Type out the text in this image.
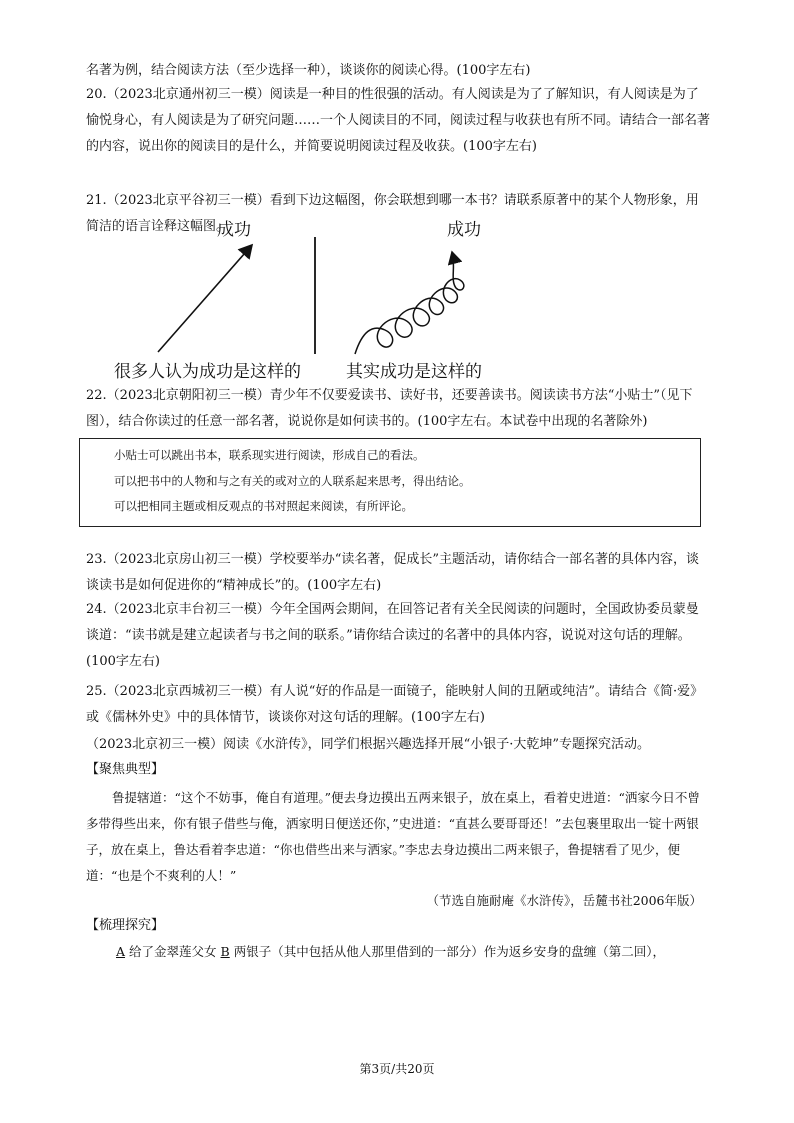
名著为例，结合阅读方法（至少选择一种），谈谈你的阅读心得。(100字左右)
20.（2023北京通州初三一模）阅读是一种目的性很强的活动。有人阅读是为了了解知识，有人阅读是为了愉悦身心，有人阅读是为了研究问题……一个人阅读目的不同，阅读过程与收获也有所不同。请结合一部名著的内容，说出你的阅读目的是什么，并简要说明阅读过程及收获。(100字左右)
21.（2023北京平谷初三一模）看到下边这幅图，你会联想到哪一本书？请联系原著中的某个人物形象，用简洁的语言诠释这幅图。
成功	成功
很多人认为成功是这样的	其实成功是这样的
22.（2023北京朝阳初三一模）青少年不仅要爱读书、读好书，还要善读书。阅读读书方法“小贴士”（见下图），结合你读过的任意一部名著，说说你是如何读书的。(100字左右。本试卷中出现的名著除外)
小贴士可以跳出书本，联系现实进行阅读，形成自己的看法。
可以把书中的人物和与之有关的或对立的人联系起来思考，得出结论。
可以把相同主题或相反观点的书对照起来阅读，有所评论。
23.（2023北京房山初三一模）学校要举办“读名著，促成长”主题活动，请你结合一部名著的具体内容，谈谈读书是如何促进你的“精神成长”的。(100字左右)
24.（2023北京丰台初三一模）今年全国两会期间，在回答记者有关全民阅读的问题时，全国政协委员蒙曼谈道：“读书就是建立起读者与书之间的联系。”请你结合读过的名著中的具体内容，说说对这句话的理解。(100字左右)
25.（2023北京西城初三一模）有人说“好的作品是一面镜子，能映射人间的丑陋或纯洁”。请结合《简·爱》或《儒林外史》中的具体情节，谈谈你对这句话的理解。(100字左右)
（2023北京初三一模）阅读《水浒传》，同学们根据兴趣选择开展“小银子·大乾坤”专题探究活动。
【聚焦典型】
鲁提辖道：“这个不妨事，俺自有道理。”便去身边摸出五两来银子，放在桌上，看着史进道：“洒家今日不曾多带得些出来，你有银子借些与俺，洒家明日便送还你，”史进道：“直甚么要哥哥还！”去包裹里取出一锭十两银子，放在桌上，鲁达看着李忠道：“你也借些出来与洒家。”李忠去身边摸出二两来银子，鲁提辖看了见少，便道：“也是个不爽利的人！”
（节选自施耐庵《水浒传》，岳麓书社2006年版）
【梳理探究】
A 给了金翠莲父女 B 两银子（其中包括从他人那里借到的一部分）作为返乡安身的盘缠（第二回），
第3页/共20页
